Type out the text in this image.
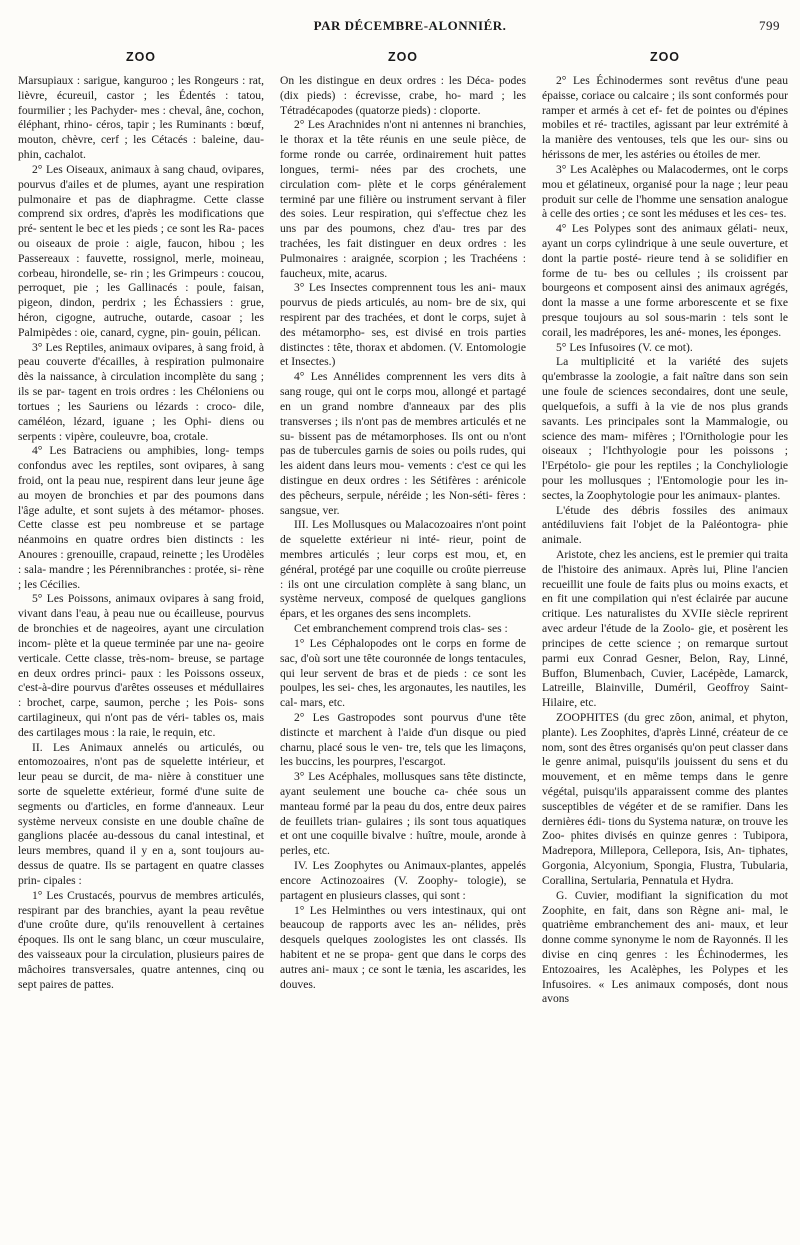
PAR DÉCEMBRE-ALONNIÉR.	799
ZOO

Marsupiaux : sarigue, kanguroo ; les Rongeurs : rat, lièvre, écureuil, castor ; les Édentés : tatou, fourmilier ; les Pachyder- mes : cheval, âne, cochon, éléphant, rhino- céros, tapir ; les Ruminants : bœuf, mouton, chèvre, cerf ; les Cétacés : baleine, dau- phin, cachalot.

2° Les Oiseaux, animaux à sang chaud, ovipares, pourvus d'ailes et de plumes, ayant une respiration pulmonaire et pas de diaphragme. Cette classe comprend six ordres, d'après les modifications que pré- sentent le bec et les pieds ; ce sont les Ra- paces ou oiseaux de proie : aigle, faucon, hibou ; les Passereaux : fauvette, rossignol, merle, moineau, corbeau, hirondelle, se- rin ; les Grimpeurs : coucou, perroquet, pie ; les Gallinacés : poule, faisan, pigeon, dindon, perdrix ; les Échassiers : grue, héron, cigogne, autruche, outarde, casoar ; les Palmipèdes : oie, canard, cygne, pin- gouin, pélican.

3° Les Reptiles, animaux ovipares, à sang froid, à peau couverte d'écailles, à respiration pulmonaire dès la naissance, à circulation incomplète du sang ; ils se par- tagent en trois ordres : les Chéloniens ou tortues ; les Sauriens ou lézards : croco- dile, caméléon, lézard, iguane ; les Ophi- diens ou serpents : vipère, couleuvre, boa, crotale.

4° Les Batraciens ou amphibies, long- temps confondus avec les reptiles, sont ovipares, à sang froid, ont la peau nue, respirent dans leur jeune âge au moyen de bronchies et par des poumons dans l'âge adulte, et sont sujets à des métamor- phoses. Cette classe est peu nombreuse et se partage néanmoins en quatre ordres bien distincts : les Anoures : grenouille, crapaud, reinette ; les Urodèles : sala- mandre ; les Pérennibranches : protée, si- rène ; les Cécilies.

5° Les Poissons, animaux ovipares à sang froid, vivant dans l'eau, à peau nue ou écailleuse, pourvus de bronchies et de nageoires, ayant une circulation incom- plète et la queue terminée par une na- geoire verticale. Cette classe, très-nom- breuse, se partage en deux ordres princi- paux : les Poissons osseux, c'est-à-dire pourvus d'arêtes osseuses et médullaires : brochet, carpe, saumon, perche ; les Pois- sons cartilagineux, qui n'ont pas de véri- tables os, mais des cartilages mous : la raie, le requin, etc.

II. Les Animaux annelés ou articulés, ou entomozoaires, n'ont pas de squelette intérieur, et leur peau se durcit, de ma- nière à constituer une sorte de squelette extérieur, formé d'une suite de segments ou d'articles, en forme d'anneaux. Leur système nerveux consiste en une double chaîne de ganglions placée au-dessous du canal intestinal, et leurs membres, quand il y en a, sont toujours au-dessus de quatre. Ils se partagent en quatre classes prin- cipales :

1° Les Crustacés, pourvus de membres articulés, respirant par des branchies, ayant la peau revêtue d'une croûte dure, qu'ils renouvellent à certaines époques. Ils ont le sang blanc, un cœur musculaire, des vaisseaux pour la circulation, plusieurs paires de mâchoires transversales, quatre antennes, cinq ou sept paires de pattes.

ZOO

On les distingue en deux ordres : les Déca- podes (dix pieds) : écrevisse, crabe, ho- mard ; les Tétradécapodes (quatorze pieds) : cloporte.

2° Les Arachnides n'ont ni antennes ni branchies, le thorax et la tête réunis en une seule pièce, de forme ronde ou carrée, ordinairement huit pattes longues, termi- nées par des crochets, une circulation com- plète et le corps généralement terminé par une filière ou instrument servant à filer des soies. Leur respiration, qui s'effectue chez les uns par des poumons, chez d'au- tres par des trachées, les fait distinguer en deux ordres : les Pulmonaires : araignée, scorpion ; les Trachéens : faucheux, mite, acarus.

3° Les Insectes comprennent tous les ani- maux pourvus de pieds articulés, au nom- bre de six, qui respirent par des trachées, et dont le corps, sujet à des métamorpho- ses, est divisé en trois parties distinctes : tête, thorax et abdomen. (V. Entomologie et Insectes.)

4° Les Annélides comprennent les vers dits à sang rouge, qui ont le corps mou, allongé et partagé en un grand nombre d'anneaux par des plis transverses ; ils n'ont pas de membres articulés et ne su- bissent pas de métamorphoses. Ils ont ou n'ont pas de tubercules garnis de soies ou poils rudes, qui les aident dans leurs mou- vements : c'est ce qui les distingue en deux ordres : les Sétifères : arénicole des pêcheurs, serpule, néréide ; les Non-séti- fères : sangsue, ver.

III. Les Mollusques ou Malacozoaires n'ont point de squelette extérieur ni inté- rieur, point de membres articulés ; leur corps est mou, et, en général, protégé par une coquille ou croûte pierreuse : ils ont une circulation complète à sang blanc, un système nerveux, composé de quelques ganglions épars, et les organes des sens incomplets.

Cet embranchement comprend trois clas- ses :

1° Les Céphalopodes ont le corps en forme de sac, d'où sort une tête couronnée de longs tentacules, qui leur servent de bras et de pieds : ce sont les poulpes, les sei- ches, les argonautes, les nautiles, les cal- mars, etc.

2° Les Gastropodes sont pourvus d'une tête distincte et marchent à l'aide d'un disque ou pied charnu, placé sous le ven- tre, tels que les limaçons, les buccins, les pourpres, l'escargot.

3° Les Acéphales, mollusques sans tête distincte, ayant seulement une bouche ca- chée sous un manteau formé par la peau du dos, entre deux paires de feuillets trian- gulaires ; ils sont tous aquatiques et ont une coquille bivalve : huître, moule, aronde à perles, etc.

IV. Les Zoophytes ou Animaux-plantes, appelés encore Actinozoaires (V. Zoophy- tologie), se partagent en plusieurs classes, qui sont :

1° Les Helminthes ou vers intestinaux, qui ont beaucoup de rapports avec les an- nélides, près desquels quelques zoologistes les ont classés. Ils habitent et ne se propa- gent que dans le corps des autres ani- maux ; ce sont le tænia, les ascarides, les douves.

ZOO

2° Les Échinodermes sont revêtus d'une peau épaisse, coriace ou calcaire ; ils sont conformés pour ramper et armés à cet ef- fet de pointes ou d'épines mobiles et ré- tractiles, agissant par leur extrémité à la manière des ventouses, tels que les our- sins ou hérissons de mer, les astéries ou étoiles de mer.

3° Les Acalèphes ou Malacodermes, ont le corps mou et gélatineux, organisé pour la nage ; leur peau produit sur celle de l'homme une sensation analogue à celle des orties ; ce sont les méduses et les ces- tes.

4° Les Polypes sont des animaux gélati- neux, ayant un corps cylindrique à une seule ouverture, et dont la partie posté- rieure tend à se solidifier en forme de tu- bes ou cellules ; ils croissent par bourgeons et composent ainsi des animaux agrégés, dont la masse a une forme arborescente et se fixe presque toujours au sol sous-marin : tels sont le corail, les madrépores, les ané- mones, les éponges.

5° Les Infusoires (V. ce mot).

La multiplicité et la variété des sujets qu'embrasse la zoologie, a fait naître dans son sein une foule de sciences secondaires, dont une seule, quelquefois, a suffi à la vie de nos plus grands savants. Les principales sont la Mammalogie, ou science des mam- mifères ; l'Ornithologie pour les oiseaux ; l'Ichthyologie pour les poissons ; l'Erpétolo- gie pour les reptiles ; la Conchyliologie pour les mollusques ; l'Entomologie pour les in- sectes, la Zoophytologie pour les animaux- plantes.

L'étude des débris fossiles des animaux antédiluviens fait l'objet de la Paléontogra- phie animale.

Aristote, chez les anciens, est le premier qui traita de l'histoire des animaux. Après lui, Pline l'ancien recueillit une foule de faits plus ou moins exacts, et en fit une compilation qui n'est éclairée par aucune critique. Les naturalistes du XVIIe siècle reprirent avec ardeur l'étude de la Zoolo- gie, et posèrent les principes de cette science ; on remarque surtout parmi eux Conrad Gesner, Belon, Ray, Linné, Buffon, Blumenbach, Cuvier, Lacépède, Lamarck, Latreille, Blainville, Duméril, Geoffroy Saint-Hilaire, etc.

ZOOPHITES (du grec zôon, animal, et phyton, plante). Les Zoophites, d'après Linné, créateur de ce nom, sont des êtres organisés qu'on peut classer dans le genre animal, puisqu'ils jouissent du sens et du mouvement, et en même temps dans le genre végétal, puisqu'ils apparaissent comme des plantes susceptibles de végéter et de se ramifier. Dans les dernières édi- tions du Systema naturæ, on trouve les Zoo- phites divisés en quinze genres : Tubipora, Madrepora, Millepora, Cellepora, Isis, An- tiphates, Gorgonia, Alcyonium, Spongia, Flustra, Tubularia, Corallina, Sertularia, Pennatula et Hydra.

G. Cuvier, modifiant la signification du mot Zoophite, en fait, dans son Règne ani- mal, le quatrième embranchement des ani- maux, et leur donne comme synonyme le nom de Rayonnés. Il les divise en cinq genres : les Échinodermes, les Entozoaires, les Acalèphes, les Polypes et les Infusoires. « Les animaux composés, dont nous avons
